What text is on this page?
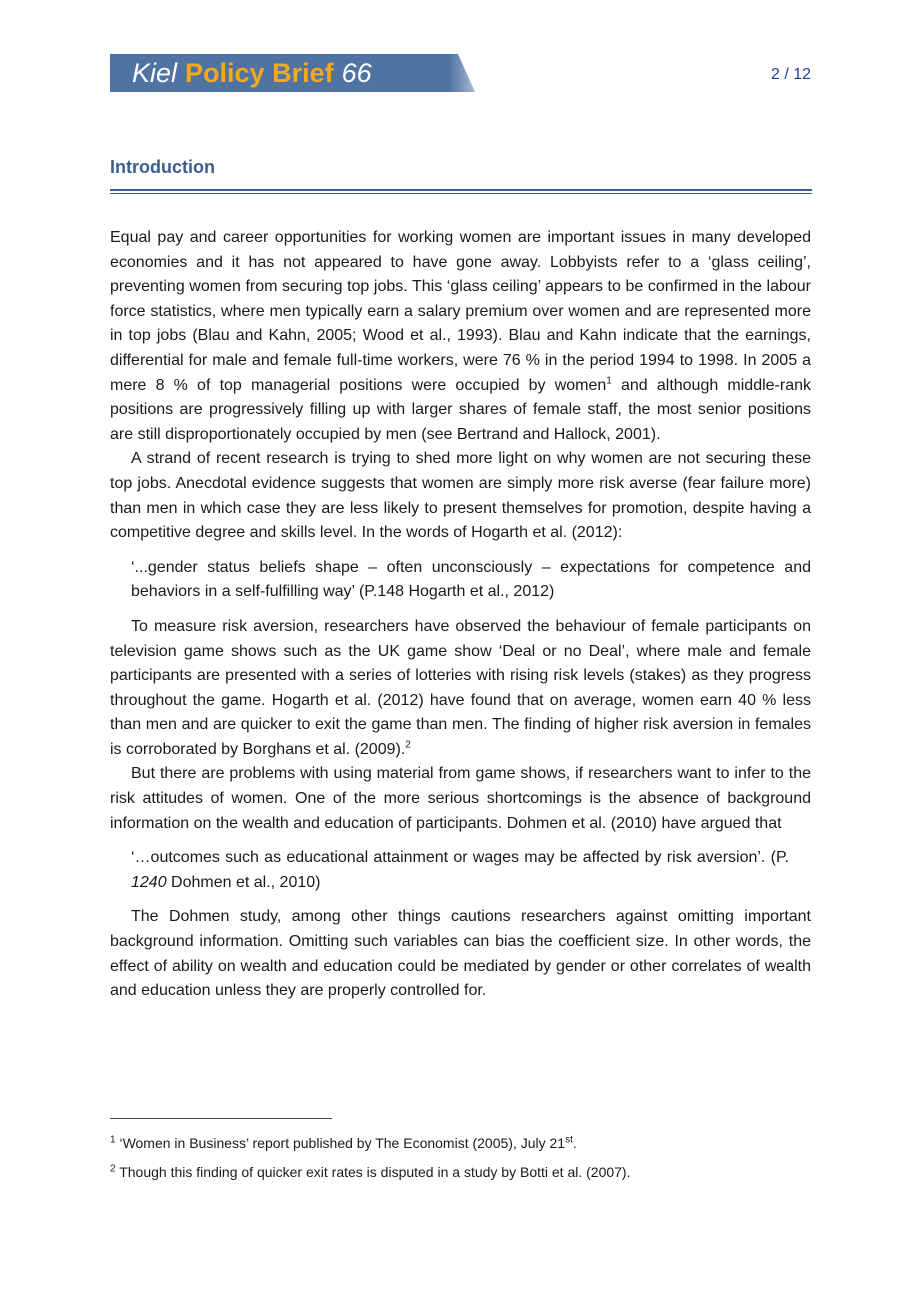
Kiel Policy Brief 66	2 / 12
Introduction

Equal pay and career opportunities for working women are important issues in many developed economies and it has not appeared to have gone away. Lobbyists refer to a ‘glass ceiling’, preventing women from securing top jobs. This ‘glass ceiling’ appears to be confirmed in the labour force statistics, where men typically earn a salary premium over women and are represented more in top jobs (Blau and Kahn, 2005; Wood et al., 1993). Blau and Kahn indicate that the earnings, differential for male and female full-time workers, were 76 % in the period 1994 to 1998. In 2005 a mere 8 % of top managerial positions were occupied by women$^1$ and although middle-rank positions are progressively filling up with larger shares of female staff, the most senior positions are still disproportionately occupied by men (see Bertrand and Hallock, 2001).

A strand of recent research is trying to shed more light on why women are not securing these top jobs. Anecdotal evidence suggests that women are simply more risk averse (fear failure more) than men in which case they are less likely to present themselves for promotion, despite having a competitive degree and skills level. In the words of Hogarth et al. (2012):

‘...gender status beliefs shape – often unconsciously – expectations for competence and behaviors in a self-fulfilling way’ (P.148 Hogarth et al., 2012)

To measure risk aversion, researchers have observed the behaviour of female participants on television game shows such as the UK game show ‘Deal or no Deal’, where male and female participants are presented with a series of lotteries with rising risk levels (stakes) as they progress throughout the game. Hogarth et al. (2012) have found that on average, women earn 40 % less than men and are quicker to exit the game than men. The finding of higher risk aversion in females is corroborated by Borghans et al. (2009).$^2$

But there are problems with using material from game shows, if researchers want to infer to the risk attitudes of women. One of the more serious shortcomings is the absence of background information on the wealth and education of participants. Dohmen et al. (2010) have argued that

‘…outcomes such as educational attainment or wages may be affected by risk aversion’. (P. 1240 Dohmen et al., 2010)

The Dohmen study, among other things cautions researchers against omitting important background information. Omitting such variables can bias the coefficient size. In other words, the effect of ability on wealth and education could be mediated by gender or other correlates of wealth and education unless they are properly controlled for.

$^1$ ‘Women in Business’ report published by The Economist (2005), July 21st.
$^2$ Though this finding of quicker exit rates is disputed in a study by Botti et al. (2007).
